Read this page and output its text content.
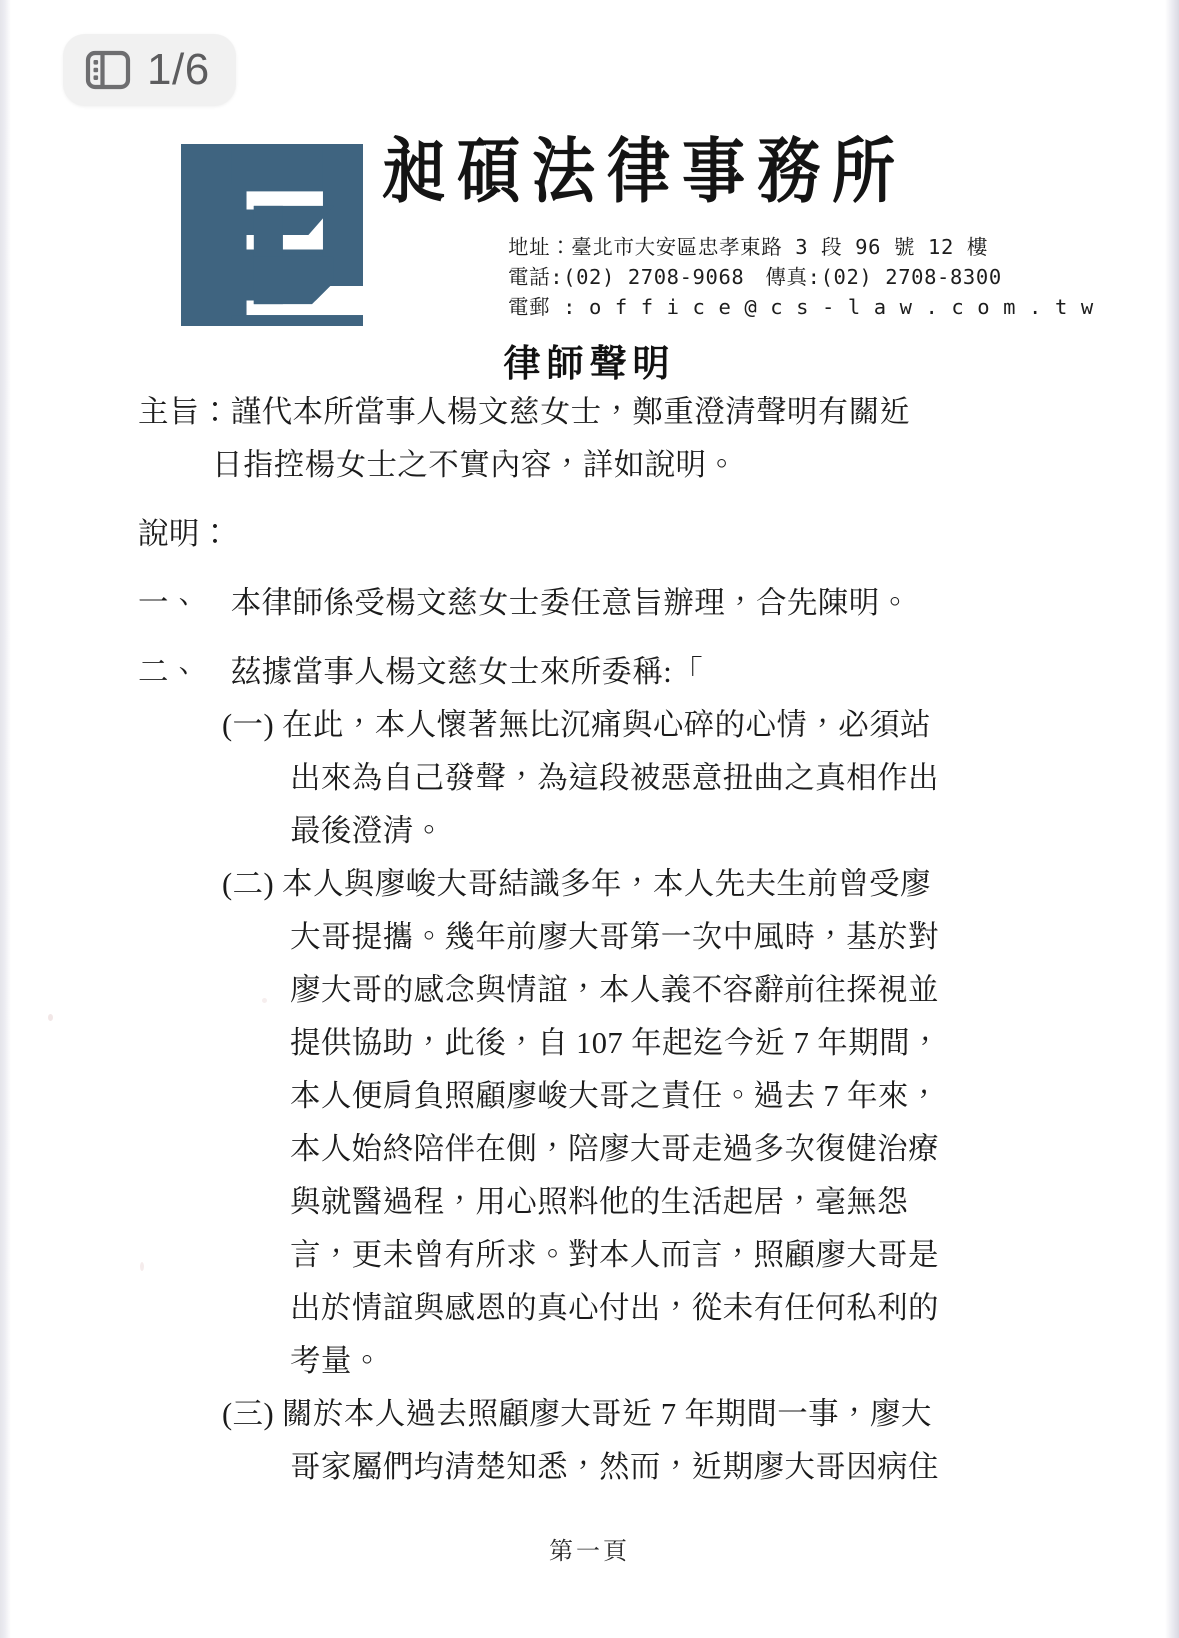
昶碩法律事務所
地址：臺北市大安區忠孝東路 3 段 96 號 12 樓
電話:(02) 2708-9068　傳真:(02) 2708-8300
電郵 : o f f i c e @ c s - l a w . c o m . t w
律師聲明
主旨：謹代本所當事人楊文慈女士，鄭重澄清聲明有關近
日指控楊女士之不實內容，詳如說明。
說明：
一、　本律師係受楊文慈女士委任意旨辦理，合先陳明。
二、　茲據當事人楊文慈女士來所委稱:「
(一) 在此，本人懷著無比沉痛與心碎的心情，必須站
出來為自己發聲，為這段被惡意扭曲之真相作出
最後澄清。
(二) 本人與廖峻大哥結識多年，本人先夫生前曾受廖
大哥提攜。幾年前廖大哥第一次中風時，基於對
廖大哥的感念與情誼，本人義不容辭前往探視並
提供協助，此後，自 107 年起迄今近 7 年期間，
本人便肩負照顧廖峻大哥之責任。過去 7 年來，
本人始終陪伴在側，陪廖大哥走過多次復健治療
與就醫過程，用心照料他的生活起居，毫無怨
言，更未曾有所求。對本人而言，照顧廖大哥是
出於情誼與感恩的真心付出，從未有任何私利的
考量。
(三) 關於本人過去照顧廖大哥近 7 年期間一事，廖大
哥家屬們均清楚知悉，然而，近期廖大哥因病住
第一頁
1/6
